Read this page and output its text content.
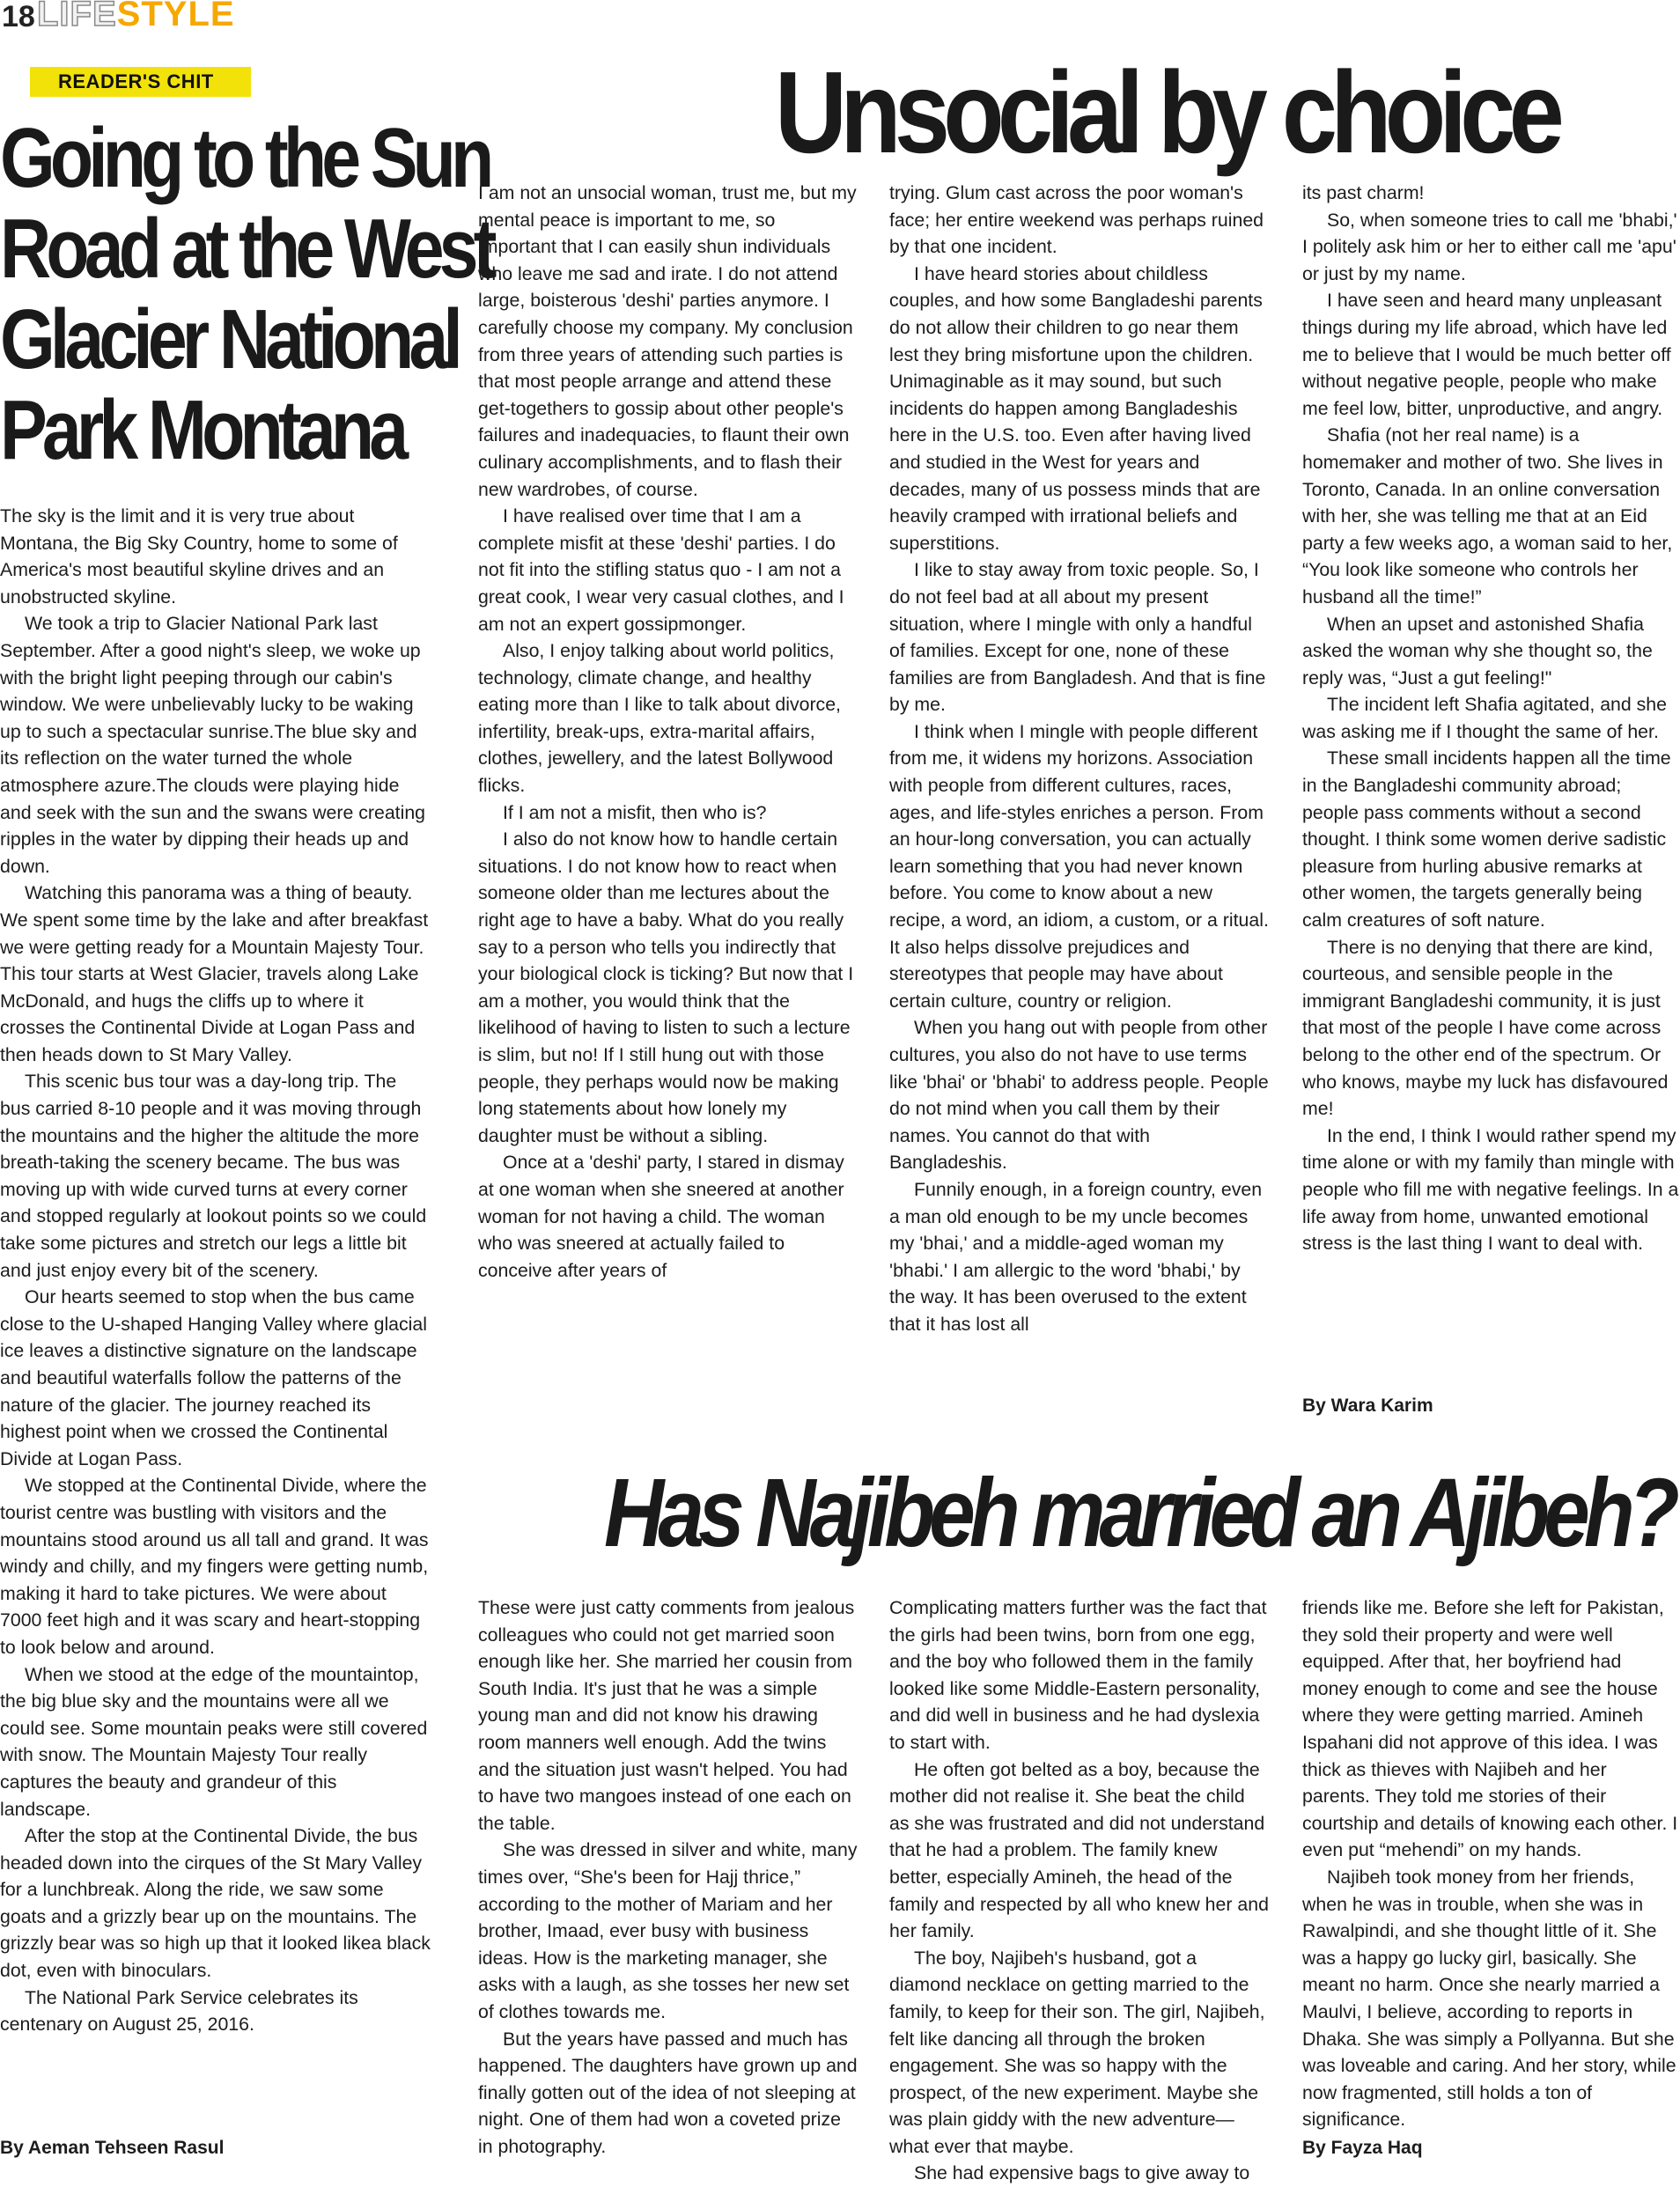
18 LIFESTYLE
READER'S CHIT
Going to the Sun
Road at the West
Glacier National
Park Montana

The sky is the limit and it is very true about Montana, the Big Sky Country, home to some of America's most beautiful skyline drives and an unobstructed skyline.

We took a trip to Glacier National Park last September. After a good night's sleep, we woke up with the bright light peeping through our cabin's window. We were unbelievably lucky to be waking up to such a spectacular sunrise.The blue sky and its reflection on the water turned the whole atmosphere azure.The clouds were playing hide and seek with the sun and the swans were creating ripples in the water by dipping their heads up and down.

Watching this panorama was a thing of beauty. We spent some time by the lake and after breakfast we were getting ready for a Mountain Majesty Tour. This tour starts at West Glacier, travels along Lake McDonald, and hugs the cliffs up to where it crosses the Continental Divide at Logan Pass and then heads down to St Mary Valley.

This scenic bus tour was a day-long trip. The bus carried 8-10 people and it was moving through the mountains and the higher the altitude the more breath-taking the scenery became. The bus was moving up with wide curved turns at every corner and stopped regularly at lookout points so we could take some pictures and stretch our legs a little bit and just enjoy every bit of the scenery.

Our hearts seemed to stop when the bus came close to the U-shaped Hanging Valley where glacial ice leaves a distinctive signature on the landscape and beautiful waterfalls follow the patterns of the nature of the glacier. The journey reached its highest point when we crossed the Continental Divide at Logan Pass.

We stopped at the Continental Divide, where the tourist centre was bustling with visitors and the mountains stood around us all tall and grand. It was windy and chilly, and my fingers were getting numb, making it hard to take pictures. We were about 7000 feet high and it was scary and heart-stopping to look below and around.

When we stood at the edge of the mountaintop, the big blue sky and the mountains were all we could see. Some mountain peaks were still covered with snow. The Mountain Majesty Tour really captures the beauty and grandeur of this landscape.

After the stop at the Continental Divide, the bus headed down into the cirques of the St Mary Valley for a lunchbreak. Along the ride, we saw some goats and a grizzly bear up on the mountains. The grizzly bear was so high up that it looked likea black dot, even with binoculars.

The National Park Service celebrates its centenary on August 25, 2016.

By Aeman Tehseen Rasul
Unsocial by choice

I am not an unsocial woman, trust me, but my mental peace is important to me, so important that I can easily shun individuals who leave me sad and irate. I do not attend large, boisterous 'deshi' parties anymore. I carefully choose my company. My conclusion from three years of attending such parties is that most people arrange and attend these get-togethers to gossip about other people's failures and inadequacies, to flaunt their own culinary accomplishments, and to flash their new wardrobes, of course.

I have realised over time that I am a complete misfit at these 'deshi' parties. I do not fit into the stifling status quo - I am not a great cook, I wear very casual clothes, and I am not an expert gossipmonger.

Also, I enjoy talking about world politics, technology, climate change, and healthy eating more than I like to talk about divorce, infertility, break-ups, extra-marital affairs, clothes, jewellery, and the latest Bollywood flicks.

If I am not a misfit, then who is?

I also do not know how to handle certain situations. I do not know how to react when someone older than me lectures about the right age to have a baby. What do you really say to a person who tells you indirectly that your biological clock is ticking? But now that I am a mother, you would think that the likelihood of having to listen to such a lecture is slim, but no! If I still hung out with those people, they perhaps would now be making long statements about how lonely my daughter must be without a sibling.

Once at a 'deshi' party, I stared in dismay at one woman when she sneered at another woman for not having a child. The woman who was sneered at actually failed to conceive after years of

trying. Glum cast across the poor woman's face; her entire weekend was perhaps ruined by that one incident.

I have heard stories about childless couples, and how some Bangladeshi parents do not allow their children to go near them lest they bring misfortune upon the children. Unimaginable as it may sound, but such incidents do happen among Bangladeshis here in the U.S. too. Even after having lived and studied in the West for years and decades, many of us possess minds that are heavily cramped with irrational beliefs and superstitions.

I like to stay away from toxic people. So, I do not feel bad at all about my present situation, where I mingle with only a handful of families. Except for one, none of these families are from Bangladesh. And that is fine by me.

I think when I mingle with people different from me, it widens my horizons. Association with people from different cultures, races, ages, and life-styles enriches a person. From an hour-long conversation, you can actually learn something that you had never known before. You come to know about a new recipe, a word, an idiom, a custom, or a ritual. It also helps dissolve prejudices and stereotypes that people may have about certain culture, country or religion.

When you hang out with people from other cultures, you also do not have to use terms like 'bhai' or 'bhabi' to address people. People do not mind when you call them by their names. You cannot do that with Bangladeshis.

Funnily enough, in a foreign country, even a man old enough to be my uncle becomes my 'bhai,' and a middle-aged woman my 'bhabi.' I am allergic to the word 'bhabi,' by the way. It has been overused to the extent that it has lost all

its past charm!

So, when someone tries to call me 'bhabi,' I politely ask him or her to either call me 'apu' or just by my name.

I have seen and heard many unpleasant things during my life abroad, which have led me to believe that I would be much better off without negative people, people who make me feel low, bitter, unproductive, and angry.

Shafia (not her real name) is a homemaker and mother of two. She lives in Toronto, Canada. In an online conversation with her, she was telling me that at an Eid party a few weeks ago, a woman said to her, “You look like someone who controls her husband all the time!”

When an upset and astonished Shafia asked the woman why she thought so, the reply was, “Just a gut feeling!"

The incident left Shafia agitated, and she was asking me if I thought the same of her.

These small incidents happen all the time in the Bangladeshi community abroad; people pass comments without a second thought. I think some women derive sadistic pleasure from hurling abusive remarks at other women, the targets generally being calm creatures of soft nature.

There is no denying that there are kind, courteous, and sensible people in the immigrant Bangladeshi community, it is just that most of the people I have come across belong to the other end of the spectrum. Or who knows, maybe my luck has disfavoured me!

In the end, I think I would rather spend my time alone or with my family than mingle with people who fill me with negative feelings. In a life away from home, unwanted emotional stress is the last thing I want to deal with.

By Wara Karim
Has Najibeh married an Ajibeh?

These were just catty comments from jealous colleagues who could not get married soon enough like her. She married her cousin from South India. It's just that he was a simple young man and did not know his drawing room manners well enough. Add the twins and the situation just wasn't helped. You had to have two mangoes instead of one each on the table.

She was dressed in silver and white, many times over, “She's been for Hajj thrice,” according to the mother of Mariam and her brother, Imaad, ever busy with business ideas. How is the marketing manager, she asks with a laugh, as she tosses her new set of clothes towards me.

But the years have passed and much has happened. The daughters have grown up and finally gotten out of the idea of not sleeping at night. One of them had won a coveted prize in photography.

Complicating matters further was the fact that the girls had been twins, born from one egg, and the boy who followed them in the family looked like some Middle-Eastern personality, and did well in business and he had dyslexia to start with.

He often got belted as a boy, because the mother did not realise it. She beat the child as she was frustrated and did not understand that he had a problem. The family knew better, especially Amineh, the head of the family and respected by all who knew her and her family.

The boy, Najibeh's husband, got a diamond necklace on getting married to the family, to keep for their son. The girl, Najibeh, felt like dancing all through the broken engagement. She was so happy with the prospect, of the new experiment. Maybe she was plain giddy with the new adventure—what ever that maybe.

She had expensive bags to give away to

friends like me. Before she left for Pakistan, they sold their property and were well equipped. After that, her boyfriend had money enough to come and see the house where they were getting married. Amineh Ispahani did not approve of this idea. I was thick as thieves with Najibeh and her parents. They told me stories of their courtship and details of knowing each other. I even put “mehendi” on my hands.

Najibeh took money from her friends, when he was in trouble, when she was in Rawalpindi, and she thought little of it. She was a happy go lucky girl, basically. She meant no harm. Once she nearly married a Maulvi, I believe, according to reports in Dhaka. She was simply a Pollyanna. But she was loveable and caring. And her story, while now fragmented, still holds a ton of significance.

By Fayza Haq
